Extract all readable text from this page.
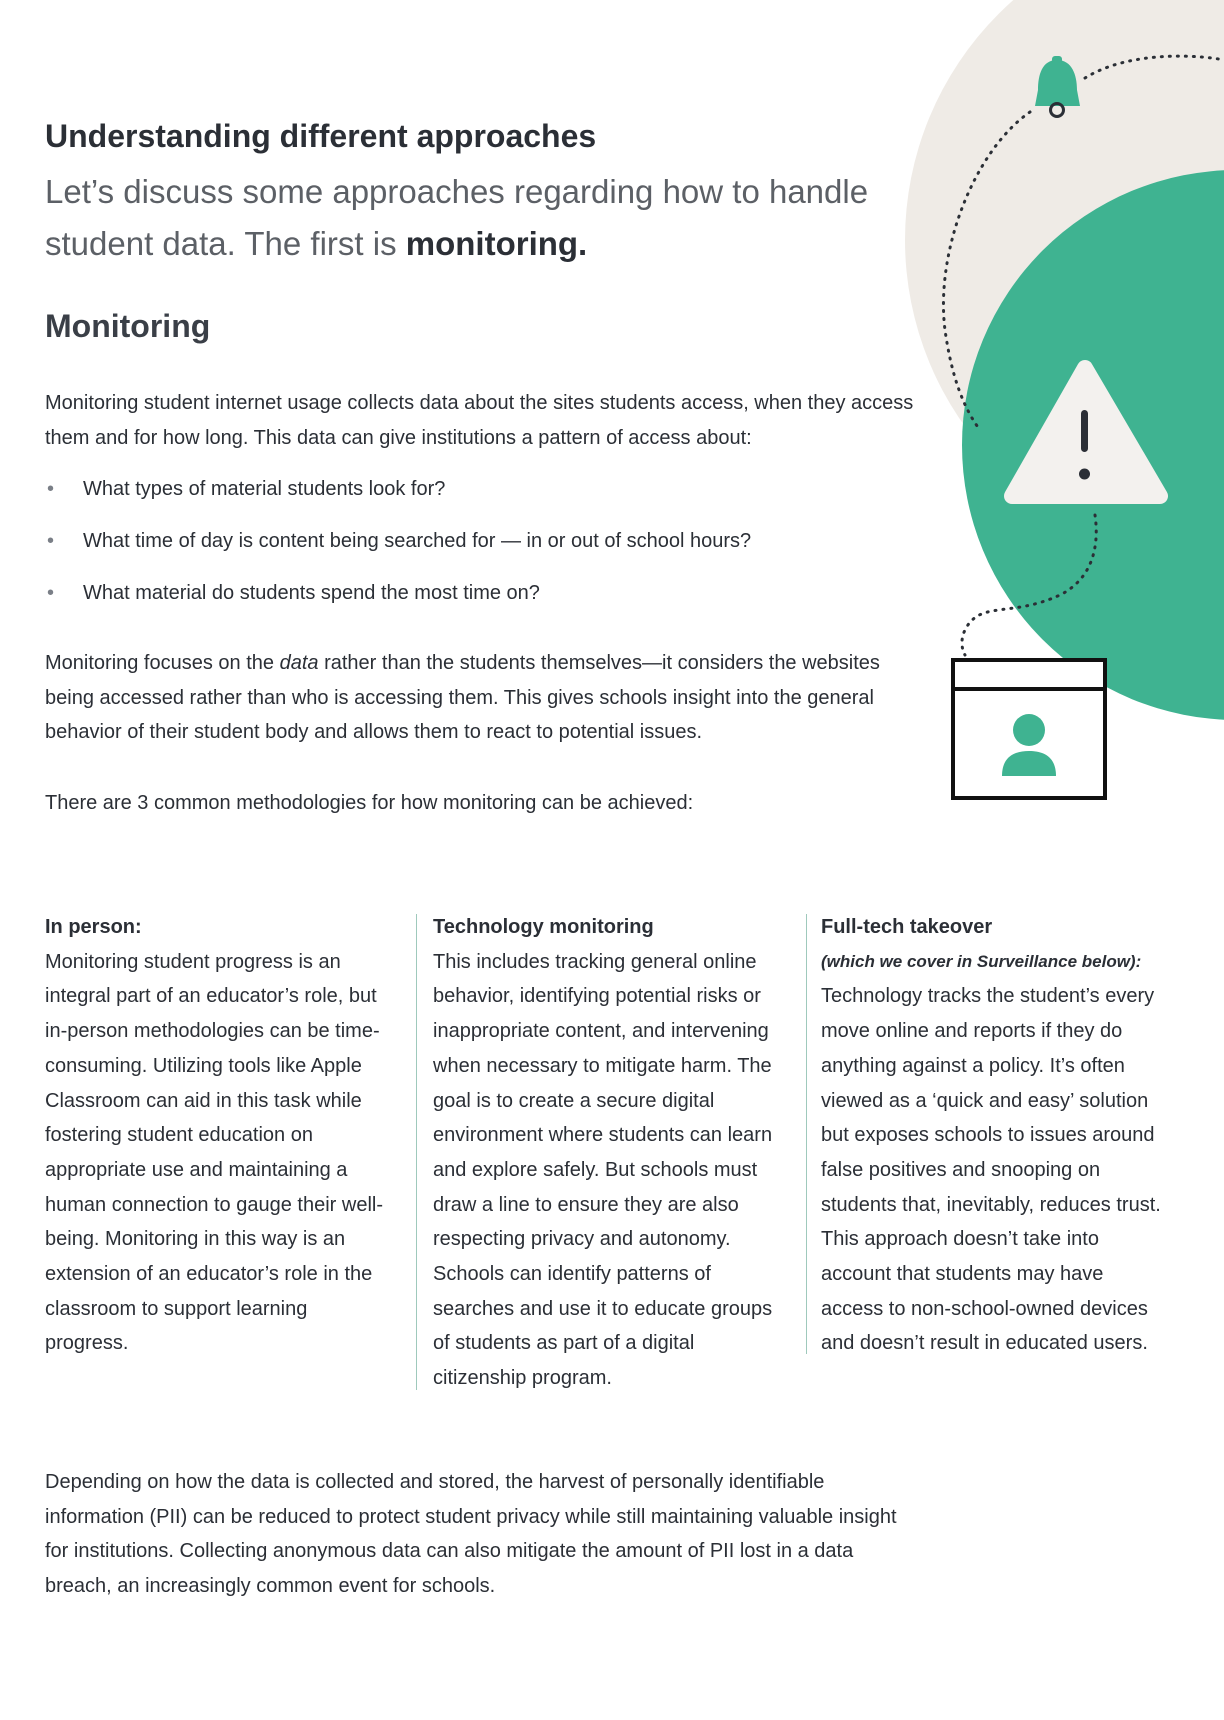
Understanding different approaches

Let’s discuss some approaches regarding how to handle student data. The first is monitoring.

Monitoring

Monitoring student internet usage collects data about the sites students access, when they access them and for how long. This data can give institutions a pattern of access about:

• What types of material students look for?
• What time of day is content being searched for — in or out of school hours?
• What material do students spend the most time on?

Monitoring focuses on the data rather than the students themselves—it considers the websites being accessed rather than who is accessing them. This gives schools insight into the general behavior of their student body and allows them to react to potential issues.

There are 3 common methodologies for how monitoring can be achieved:

In person:
Monitoring student progress is an integral part of an educator’s role, but in-person methodologies can be time-consuming. Utilizing tools like Apple Classroom can aid in this task while fostering student education on appropriate use and maintaining a human connection to gauge their well-being. Monitoring in this way is an extension of an educator’s role in the classroom to support learning progress.
Technology monitoring
This includes tracking general online behavior, identifying potential risks or inappropriate content, and intervening when necessary to mitigate harm. The goal is to create a secure digital environment where students can learn and explore safely. But schools must draw a line to ensure they are also respecting privacy and autonomy. Schools can identify patterns of searches and use it to educate groups of students as part of a digital citizenship program.
Full-tech takeover
(which we cover in Surveillance below):
Technology tracks the student’s every move online and reports if they do anything against a policy. It’s often viewed as a ‘quick and easy’ solution but exposes schools to issues around false positives and snooping on students that, inevitably, reduces trust. This approach doesn’t take into account that students may have access to non-school-owned devices and doesn’t result in educated users.

Depending on how the data is collected and stored, the harvest of personally identifiable information (PII) can be reduced to protect student privacy while still maintaining valuable insight for institutions. Collecting anonymous data can also mitigate the amount of PII lost in a data breach, an increasingly common event for schools.
